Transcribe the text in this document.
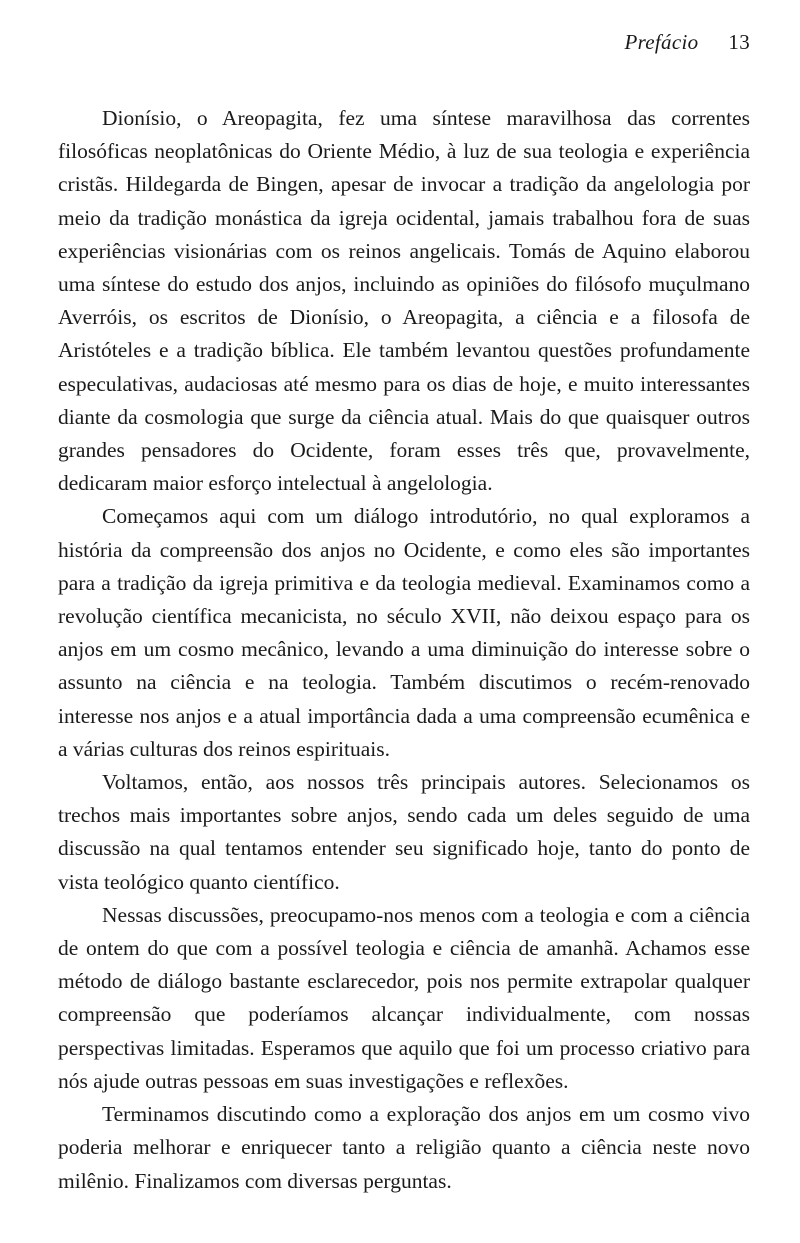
Prefácio 13

Dionísio, o Areopagita, fez uma síntese maravilhosa das correntes filosóficas neoplatônicas do Oriente Médio, à luz de sua teologia e experiência cristãs. Hildegarda de Bingen, apesar de invocar a tradição da angelologia por meio da tradição monástica da igreja ocidental, jamais trabalhou fora de suas experiências visionárias com os reinos angelicais. Tomás de Aquino elaborou uma síntese do estudo dos anjos, incluindo as opiniões do filósofo muçulmano Averróis, os escritos de Dionísio, o Areopagita, a ciência e a filosofa de Aristóteles e a tradição bíblica. Ele também levantou questões profundamente especulativas, audaciosas até mesmo para os dias de hoje, e muito interessantes diante da cosmologia que surge da ciência atual. Mais do que quaisquer outros grandes pensadores do Ocidente, foram esses três que, provavelmente, dedicaram maior esforço intelectual à angelologia.

Começamos aqui com um diálogo introdutório, no qual exploramos a história da compreensão dos anjos no Ocidente, e como eles são importantes para a tradição da igreja primitiva e da teologia medieval. Examinamos como a revolução científica mecanicista, no século XVII, não deixou espaço para os anjos em um cosmo mecânico, levando a uma diminuição do interesse sobre o assunto na ciência e na teologia. Também discutimos o recém-renovado interesse nos anjos e a atual importância dada a uma compreensão ecumênica e a várias culturas dos reinos espirituais.

Voltamos, então, aos nossos três principais autores. Selecionamos os trechos mais importantes sobre anjos, sendo cada um deles seguido de uma discussão na qual tentamos entender seu significado hoje, tanto do ponto de vista teológico quanto científico.

Nessas discussões, preocupamo-nos menos com a teologia e com a ciência de ontem do que com a possível teologia e ciência de amanhã. Achamos esse método de diálogo bastante esclarecedor, pois nos permite extrapolar qualquer compreensão que poderíamos alcançar individualmente, com nossas perspectivas limitadas. Esperamos que aquilo que foi um processo criativo para nós ajude outras pessoas em suas investigações e reflexões.

Terminamos discutindo como a exploração dos anjos em um cosmo vivo poderia melhorar e enriquecer tanto a religião quanto a ciência neste novo milênio. Finalizamos com diversas perguntas.
